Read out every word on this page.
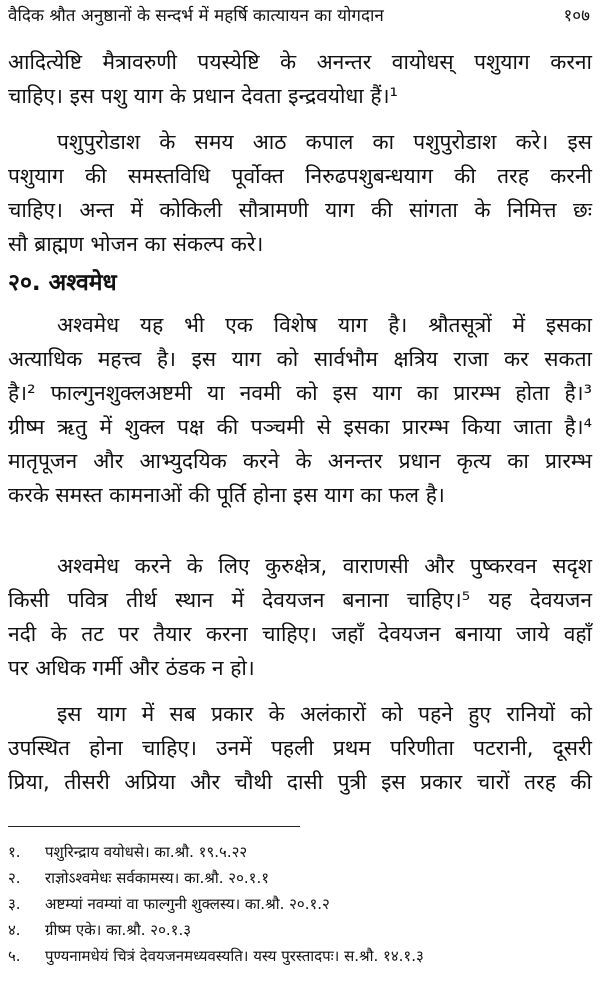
वैदिक श्रौत अनुष्ठानों के सन्दर्भ में महर्षि कात्यायन का योगदान	१०७
आदित्येष्टि मैत्रावरुणी पयस्येष्टि के अनन्तर वायोधस् पशुयाग करना
चाहिए। इस पशु याग के प्रधान देवता इन्द्रवयोधा हैं।¹
पशुपुरोडाश के समय आठ कपाल का पशुपुरोडाश करे। इस
पशुयाग की समस्तविधि पूर्वोक्त निरुढपशुबन्धयाग की तरह करनी
चाहिए। अन्त में कोकिली सौत्रामणी याग की सांगता के निमित्त छः
सौ ब्राह्मण भोजन का संकल्प करे।
अश्वमेध यह भी एक विशेष याग है। श्रौतसूत्रों में इसका
अत्याधिक महत्त्व है। इस याग को सार्वभौम क्षत्रिय राजा कर सकता
है।² फाल्गुनशुक्लअष्टमी या नवमी को इस याग का प्रारम्भ होता है।³
ग्रीष्म ऋतु में शुक्ल पक्ष की पञ्चमी से इसका प्रारम्भ किया जाता है।⁴
मातृपूजन और आभ्युदयिक करने के अनन्तर प्रधान कृत्य का प्रारम्भ
करके समस्त कामनाओं की पूर्ति होना इस याग का फल है।
अश्वमेध करने के लिए कुरुक्षेत्र, वाराणसी और पुष्करवन सदृश
किसी पवित्र तीर्थ स्थान में देवयजन बनाना चाहिए।⁵ यह देवयजन
नदी के तट पर तैयार करना चाहिए। जहाँ देवयजन बनाया जाये वहाँ
पर अधिक गर्मी और ठंडक न हो।
इस याग में सब प्रकार के अलंकारों को पहने हुए रानियों को
उपस्थित होना चाहिए। उनमें पहली प्रथम परिणीता पटरानी, दूसरी
प्रिया, तीसरी अप्रिया और चौथी दासी पुत्री इस प्रकार चारों तरह की
२०. अश्वमेध
१. पशुरिन्द्राय वयोधसे। का.श्रौ. १९.५.२२
२. राज्ञोऽश्वमेधः सर्वकामस्य। का.श्रौ. २०.१.१
३. अष्टम्यां नवम्यां वा फाल्गुनी शुक्लस्य। का.श्रौ. २०.१.२
४. ग्रीष्म एके। का.श्रौ. २०.१.३
५. पुण्यनामधेयं चित्रं देवयजनमध्यवस्यति। यस्य पुरस्तादपः। स.श्रौ. १४.१.३
